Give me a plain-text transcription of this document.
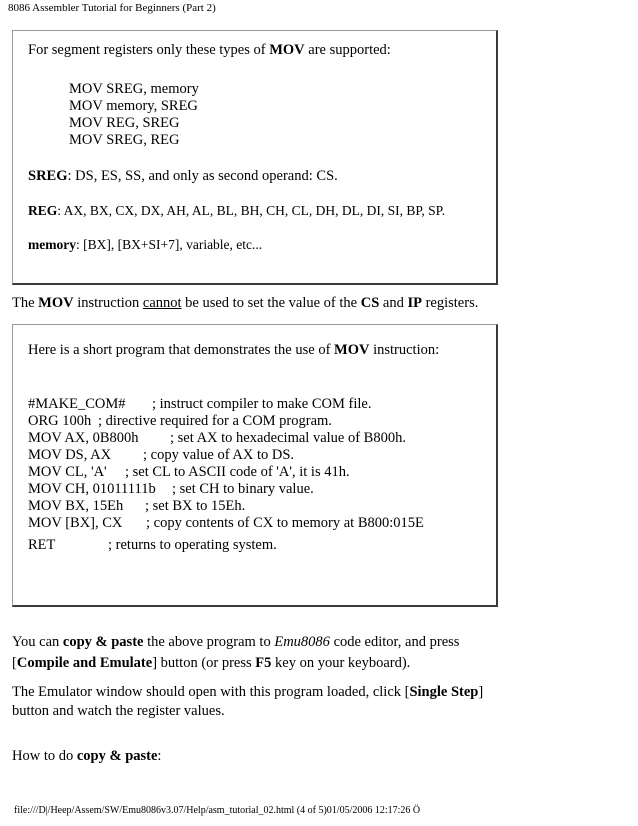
8086 Assembler Tutorial for Beginners (Part 2)
For segment registers only these types of MOV are supported:
MOV SREG, memory
MOV memory, SREG
MOV REG, SREG
MOV SREG, REG
SREG: DS, ES, SS, and only as second operand: CS.
REG: AX, BX, CX, DX, AH, AL, BL, BH, CH, CL, DH, DL, DI, SI, BP, SP.
memory: [BX], [BX+SI+7], variable, etc...
The MOV instruction cannot be used to set the value of the CS and IP registers.
Here is a short program that demonstrates the use of MOV instruction:
#MAKE_COM# ; instruct compiler to make COM file.
ORG 100h ; directive required for a COM program.
MOV AX, 0B800h ; set AX to hexadecimal value of B800h.
MOV DS, AX ; copy value of AX to DS.
MOV CL, 'A' ; set CL to ASCII code of 'A', it is 41h.
MOV CH, 01011111b ; set CH to binary value.
MOV BX, 15Eh ; set BX to 15Eh.
MOV [BX], CX ; copy contents of CX to memory at B800:015E
RET	; returns to operating system.
You can copy & paste the above program to Emu8086 code editor, and press
[Compile and Emulate] button (or press F5 key on your keyboard).
The Emulator window should open with this program loaded, click [Single Step]
button and watch the register values.
How to do copy & paste:
file:///D|/Heep/Assem/SW/Emu8086v3.07/Help/asm_tutorial_02.html (4 of 5)01/05/2006 12:17:26 Ö
